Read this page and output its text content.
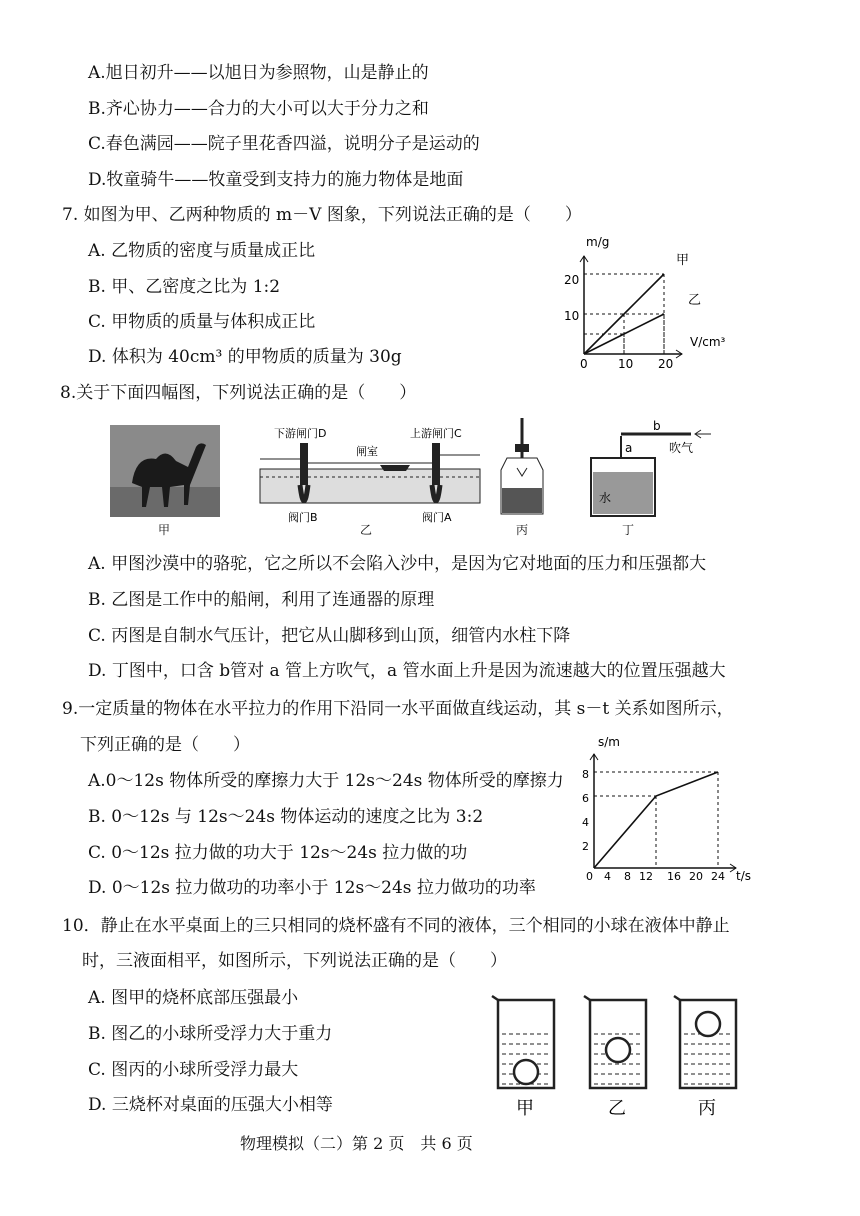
A.旭日初升——以旭日为参照物，山是静止的
B.齐心协力——合力的大小可以大于分力之和
C.春色满园——院子里花香四溢，说明分子是运动的
D.牧童骑牛——牧童受到支持力的施力物体是地面
7. 如图为甲、乙两种物质的 m－V 图象，下列说法正确的是（　　）
A. 乙物质的密度与质量成正比
B. 甲、乙密度之比为 1:2
C. 甲物质的质量与体积成正比
D. 体积为 40cm³ 的甲物质的质量为 30g
m/g
V/cm³
0	10 20
20
10
甲
乙
8.关于下面四幅图，下列说法正确的是（　　）
甲
下游闸门D	上游闸门C
闸室
阀门B	阀门A
乙	丙
b
吹气
a
水
丁
A. 甲图沙漠中的骆驼，它之所以不会陷入沙中，是因为它对地面的压力和压强都大
B. 乙图是工作中的船闸，利用了连通器的原理
C. 丙图是自制水气压计，把它从山脚移到山顶，细管内水柱下降
D. 丁图中，口含 b管对 a 管上方吹气，a 管水面上升是因为流速越大的位置压强越大
9.一定质量的物体在水平拉力的作用下沿同一水平面做直线运动，其 s－t 关系如图所示，
下列正确的是（　　）
A.0～12s 物体所受的摩擦力大于 12s～24s 物体所受的摩擦力
B. 0～12s 与 12s～24s 物体运动的速度之比为 3:2
C. 0～12s 拉力做的功大于 12s～24s 拉力做的功
D. 0～12s 拉力做功的功率小于 12s～24s 拉力做功的功率
s/m
t/s
0 4 8 12 16 20 24
2
4
6
8
10．静止在水平桌面上的三只相同的烧杯盛有不同的液体，三个相同的小球在液体中静止
时，三液面相平，如图所示，下列说法正确的是（　　）
A. 图甲的烧杯底部压强最小
B. 图乙的小球所受浮力大于重力
C. 图丙的小球所受浮力最大
D. 三烧杯对桌面的压强大小相等	甲	乙	丙
物理模拟（二）第 2 页　共 6 页
